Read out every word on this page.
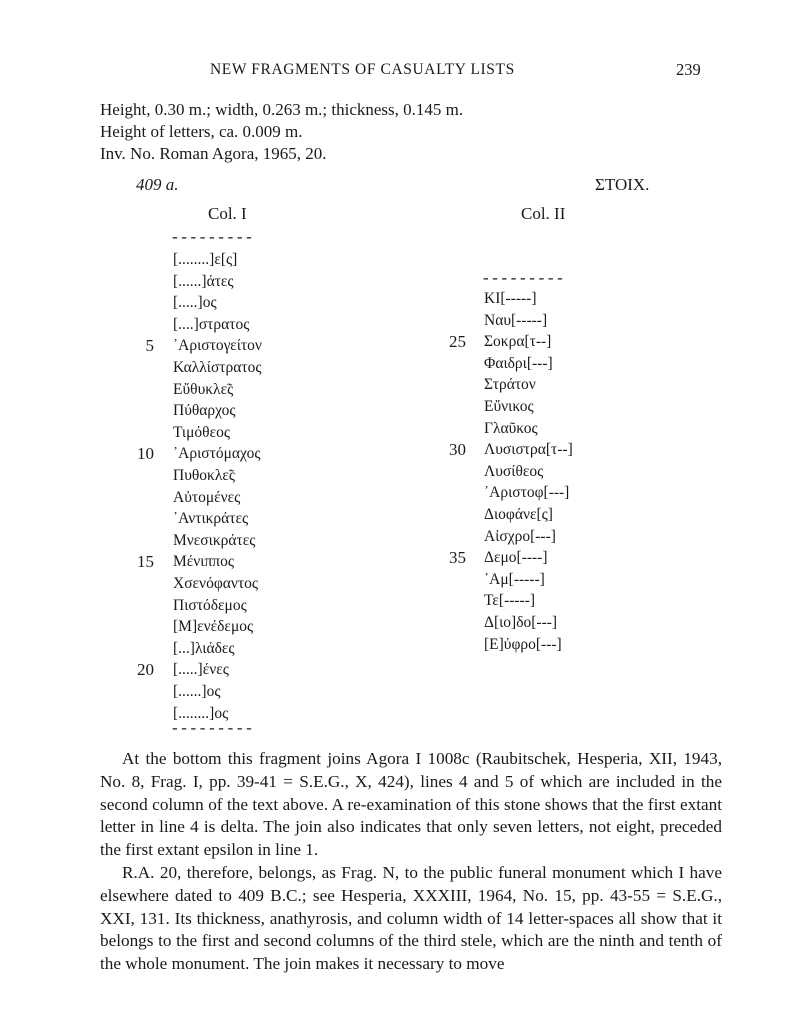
NEW FRAGMENTS OF CASUALTY LISTS	239
Height, 0.30 m.; width, 0.263 m.; thickness, 0.145 m.
Height of letters, ca. 0.009 m.
Inv. No. Roman Agora, 1965, 20.
409 a.	ΣΤΟΙΧ.
Col. I	Col. II
---------
---------
---------
[........]ε[ς]
[......]άτες
[.....]ος
[....]στρατος
5 ᾿Αριστογείτον
Καλλίστρατος
Εὔθυκλε̃ς
Πύθαρχος
Τιμόθεος
10 ᾿Αριστόμαχος
Πυθοκλε̃ς
Αὐτομένες
᾿Αντικράτες
Μνεσικράτες
15 Μένιππος
Χσενόφαντος
Πιστόδεμος
[Μ]ενέδεμος
[...]λιάδες
20 [.....]ένες
[......]ος
[........]ος
ΚΙ[-----]
Ναυ[-----]
25 Σοκρα[τ--]
Φαιδρι[---]
Στράτον
Εὔνικος
Γλαῦκος
30 Λυσιστρα[τ--]
Λυσίθεος
᾿Αριστοφ[---]
Διοφάνε[ς]
Αἰσχρο[---]
35 Δεμο[----]
᾿Αμ[-----]
Τε[-----]
Δ[ιο]δο[---]
[Ε]ὐφρο[---]

At the bottom this fragment joins Agora I 1008c (Raubitschek, Hesperia, XII, 1943, No. 8, Frag. I, pp. 39-41 = S.E.G., X, 424), lines 4 and 5 of which are included in the second column of the text above. A re-examination of this stone shows that the first extant letter in line 4 is delta. The join also indicates that only seven letters, not eight, preceded the first extant epsilon in line 1.

R.A. 20, therefore, belongs, as Frag. N, to the public funeral monument which I have elsewhere dated to 409 B.C.; see Hesperia, XXXIII, 1964, No. 15, pp. 43-55 = S.E.G., XXI, 131. Its thickness, anathyrosis, and column width of 14 letter-spaces all show that it belongs to the first and second columns of the third stele, which are the ninth and tenth of the whole monument. The join makes it necessary to move
